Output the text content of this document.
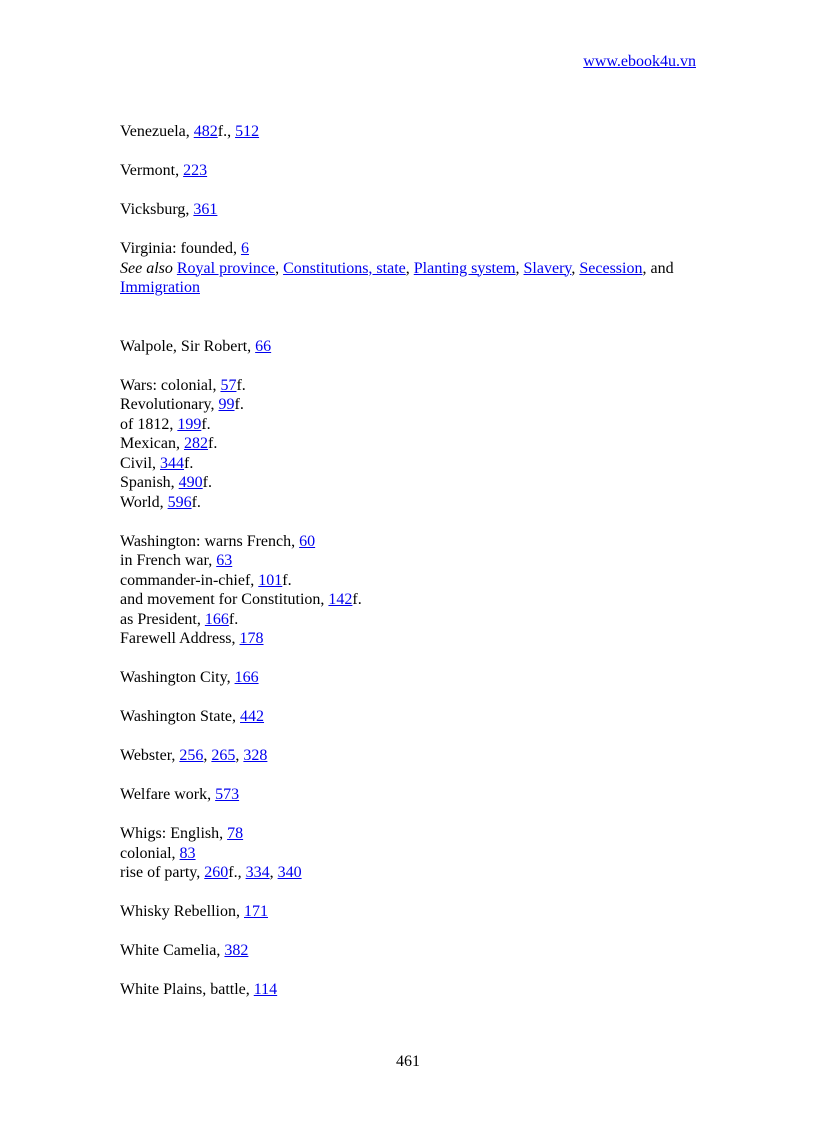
www.ebook4u.vn
Venezuela, 482f., 512
Vermont, 223
Vicksburg, 361
Virginia: founded, 6
See also Royal province, Constitutions, state, Planting system, Slavery, Secession, and
Immigration
Walpole, Sir Robert, 66
Wars: colonial, 57f.
Revolutionary, 99f.
of 1812, 199f.
Mexican, 282f.
Civil, 344f.
Spanish, 490f.
World, 596f.
Washington: warns French, 60
in French war, 63
commander-in-chief, 101f.
and movement for Constitution, 142f.
as President, 166f.
Farewell Address, 178
Washington City, 166
Washington State, 442
Webster, 256, 265, 328
Welfare work, 573
Whigs: English, 78
colonial, 83
rise of party, 260f., 334, 340
Whisky Rebellion, 171
White Camelia, 382
White Plains, battle, 114
461
